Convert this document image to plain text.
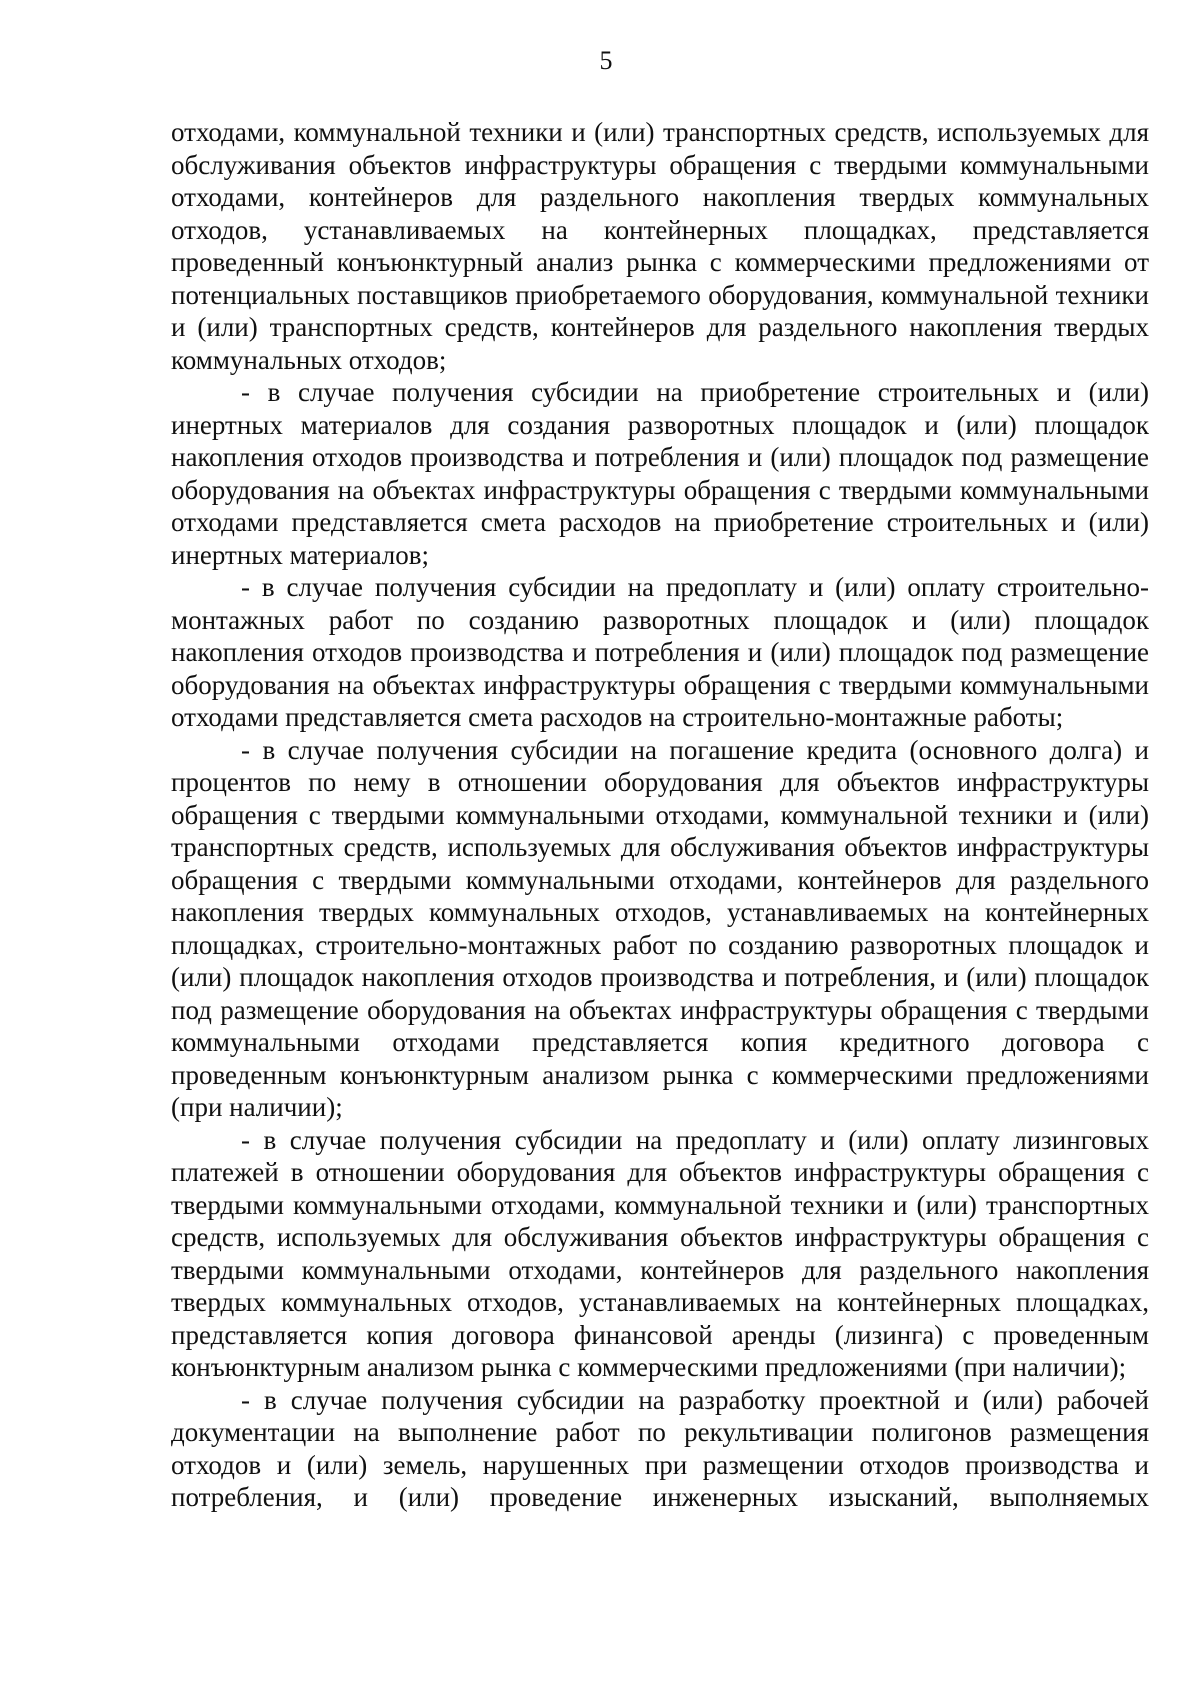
5

отходами, коммунальной техники и (или) транспортных средств, используемых для обслуживания объектов инфраструктуры обращения с твердыми коммунальными отходами, контейнеров для раздельного накопления твердых коммунальных отходов, устанавливаемых на контейнерных площадках, представляется проведенный конъюнктурный анализ рынка с коммерческими предложениями от потенциальных поставщиков приобретаемого оборудования, коммунальной техники и (или) транспортных средств, контейнеров для раздельного накопления твердых коммунальных отходов;

- в случае получения субсидии на приобретение строительных и (или) инертных материалов для создания разворотных площадок и (или) площадок накопления отходов производства и потребления и (или) площадок под размещение оборудования на объектах инфраструктуры обращения с твердыми коммунальными отходами представляется смета расходов на приобретение строительных и (или) инертных материалов;

- в случае получения субсидии на предоплату и (или) оплату строительно-монтажных работ по созданию разворотных площадок и (или) площадок накопления отходов производства и потребления и (или) площадок под размещение оборудования на объектах инфраструктуры обращения с твердыми коммунальными отходами представляется смета расходов на строительно-монтажные работы;

- в случае получения субсидии на погашение кредита (основного долга) и процентов по нему в отношении оборудования для объектов инфраструктуры обращения с твердыми коммунальными отходами, коммунальной техники и (или) транспортных средств, используемых для обслуживания объектов инфраструктуры обращения с твердыми коммунальными отходами, контейнеров для раздельного накопления твердых коммунальных отходов, устанавливаемых на контейнерных площадках, строительно-монтажных работ по созданию разворотных площадок и (или) площадок накопления отходов производства и потребления, и (или) площадок под размещение оборудования на объектах инфраструктуры обращения с твердыми коммунальными отходами представляется копия кредитного договора с проведенным конъюнктурным анализом рынка с коммерческими предложениями (при наличии);

- в случае получения субсидии на предоплату и (или) оплату лизинговых платежей в отношении оборудования для объектов инфраструктуры обращения с твердыми коммунальными отходами, коммунальной техники и (или) транспортных средств, используемых для обслуживания объектов инфраструктуры обращения с твердыми коммунальными отходами, контейнеров для раздельного накопления твердых коммунальных отходов, устанавливаемых на контейнерных площадках, представляется копия договора финансовой аренды (лизинга) с проведенным конъюнктурным анализом рынка с коммерческими предложениями (при наличии);

- в случае получения субсидии на разработку проектной и (или) рабочей документации на выполнение работ по рекультивации полигонов размещения отходов и (или) земель, нарушенных при размещении отходов производства и потребления, и (или) проведение инженерных изысканий, выполняемых
